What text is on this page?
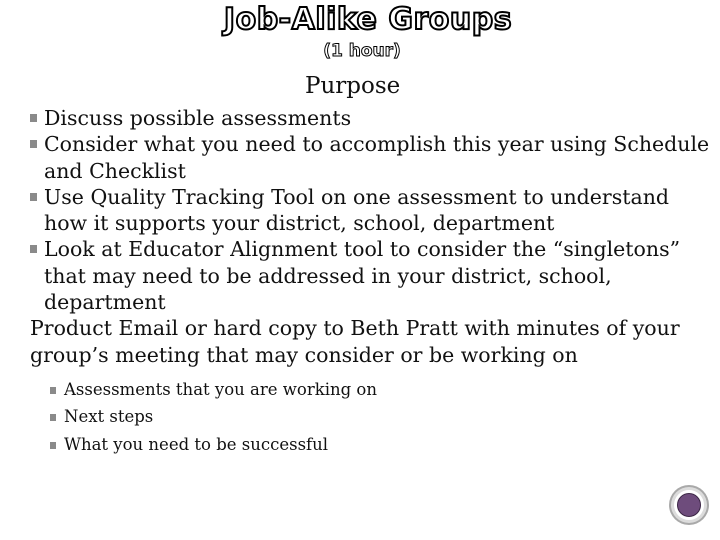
Job-Alike Groups
(1 hour)
Purpose
Discuss possible assessments
Consider what you need to accomplish this year using Schedule and Checklist
Use Quality Tracking Tool on one assessment to understand how it supports your district, school, department
Look at Educator Alignment tool to consider the “singletons” that may need to be addressed in your district, school, department

Product Email or hard copy to Beth Pratt with minutes of your group’s meeting that may consider or be working on

Assessments that you are working on
Next steps
What you need to be successful
